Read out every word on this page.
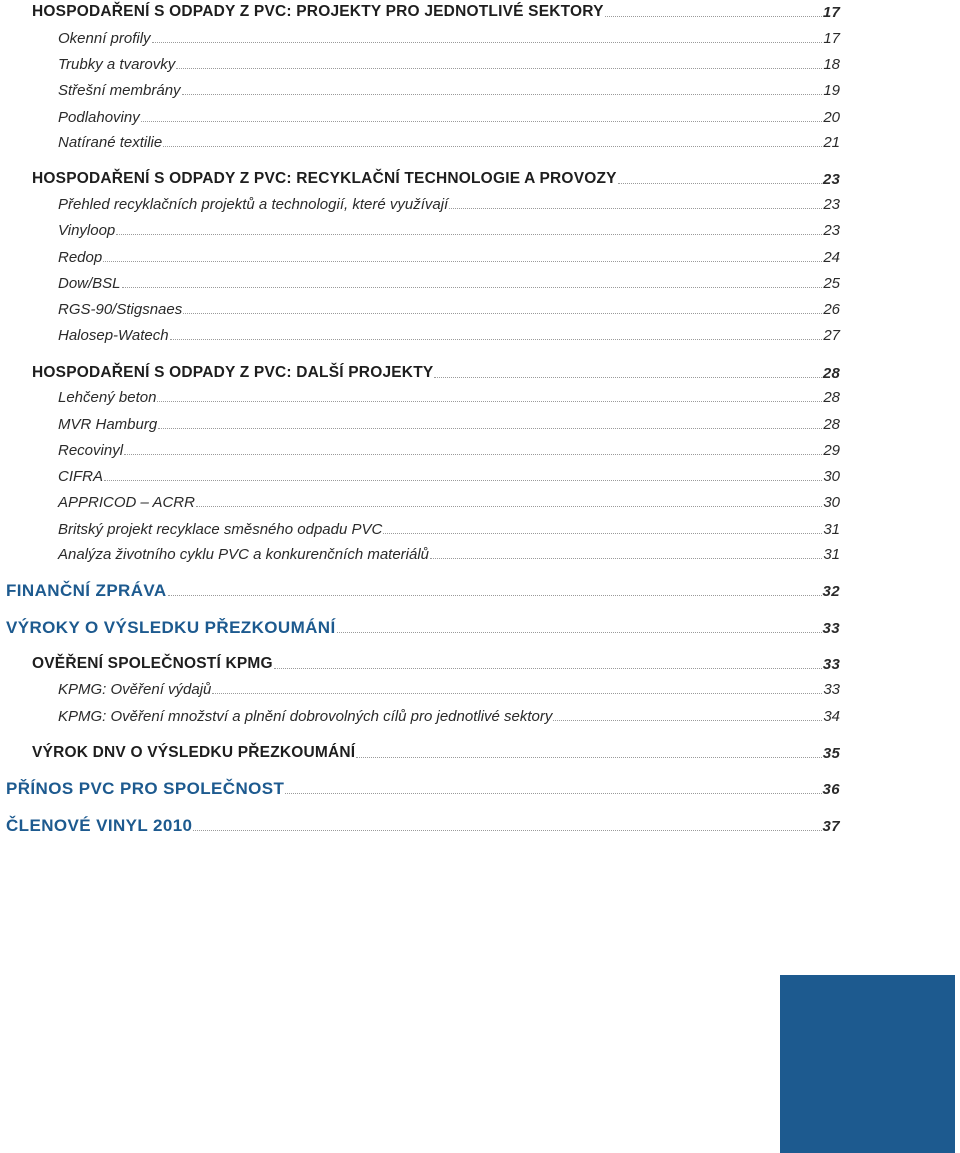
HOSPODAŘENÍ S ODPADY Z PVC: PROJEKTY PRO JEDNOTLIVÉ SEKTORY	17
Okenní profily	17
Trubky a tvarovky	18
Střešní membrány	19
Podlahoviny	20
Natírané textilie	21
HOSPODAŘENÍ S ODPADY Z PVC: RECYKLAČNÍ TECHNOLOGIE A PROVOZY	23
Přehled recyklačních projektů a technologií, které využívají	23
Vinyloop	23
Redop	24
Dow/BSL	25
RGS-90/Stigsnaes	26
Halosep-Watech	27
HOSPODAŘENÍ S ODPADY Z PVC: DALŠÍ PROJEKTY	28
Lehčený beton	28
MVR Hamburg	28
Recovinyl	29
CIFRA	30
APPRICOD – ACRR	30
Britský projekt recyklace směsného odpadu PVC	31
Analýza životního cyklu PVC a konkurenčních materiálů	31
FINANČNÍ ZPRÁVA	32
VÝROKY O VÝSLEDKU PŘEZKOUMÁNÍ	33
OVĚŘENÍ SPOLEČNOSTÍ KPMG	33
KPMG: Ověření výdajů	33
KPMG: Ověření množství a plnění dobrovolných cílů pro jednotlivé sektory	34
VÝROK DNV O VÝSLEDKU PŘEZKOUMÁNÍ	35
PŘÍNOS PVC PRO SPOLEČNOST	36
ČLENOVÉ VINYL 2010	37
